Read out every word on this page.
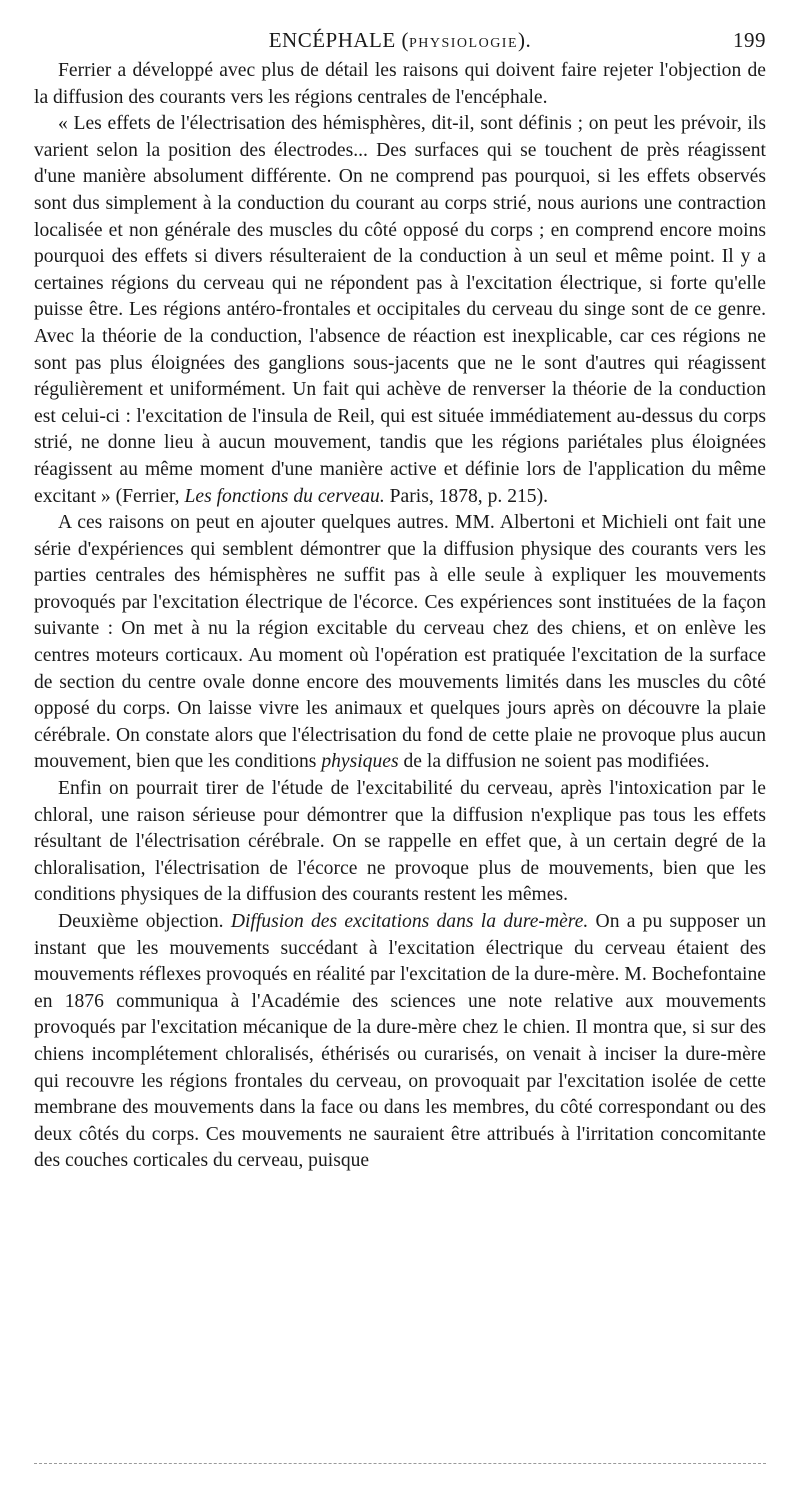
ENCÉPHALE (PHYSIOLOGIE).	199

Ferrier a développé avec plus de détail les raisons qui doivent faire rejeter l'objection de la diffusion des courants vers les régions centrales de l'encéphale.

« Les effets de l'électrisation des hémisphères, dit-il, sont définis ; on peut les prévoir, ils varient selon la position des électrodes... Des surfaces qui se touchent de près réagissent d'une manière absolument différente. On ne comprend pas pourquoi, si les effets observés sont dus simplement à la conduction du courant au corps strié, nous aurions une contraction localisée et non générale des muscles du côté opposé du corps ; en comprend encore moins pourquoi des effets si divers résulteraient de la conduction à un seul et même point. Il y a certaines régions du cerveau qui ne répondent pas à l'excitation électrique, si forte qu'elle puisse être. Les régions antéro-frontales et occipitales du cerveau du singe sont de ce genre. Avec la théorie de la conduction, l'absence de réaction est inexplicable, car ces régions ne sont pas plus éloignées des ganglions sous-jacents que ne le sont d'autres qui réagissent régulièrement et uniformément. Un fait qui achève de renverser la théorie de la conduction est celui-ci : l'excitation de l'insula de Reil, qui est située immédiatement au-dessus du corps strié, ne donne lieu à aucun mouvement, tandis que les régions pariétales plus éloignées réagissent au même moment d'une manière active et définie lors de l'application du même excitant » (Ferrier, Les fonctions du cerveau. Paris, 1878, p. 215).

A ces raisons on peut en ajouter quelques autres. MM. Albertoni et Michieli ont fait une série d'expériences qui semblent démontrer que la diffusion physique des courants vers les parties centrales des hémisphères ne suffit pas à elle seule à expliquer les mouvements provoqués par l'excitation électrique de l'écorce. Ces expériences sont instituées de la façon suivante : On met à nu la région excitable du cerveau chez des chiens, et on enlève les centres moteurs corticaux. Au moment où l'opération est pratiquée l'excitation de la surface de section du centre ovale donne encore des mouvements limités dans les muscles du côté opposé du corps. On laisse vivre les animaux et quelques jours après on découvre la plaie cérébrale. On constate alors que l'électrisation du fond de cette plaie ne provoque plus aucun mouvement, bien que les conditions physiques de la diffusion ne soient pas modifiées.

Enfin on pourrait tirer de l'étude de l'excitabilité du cerveau, après l'intoxication par le chloral, une raison sérieuse pour démontrer que la diffusion n'explique pas tous les effets résultant de l'électrisation cérébrale. On se rappelle en effet que, à un certain degré de la chloralisation, l'électrisation de l'écorce ne provoque plus de mouvements, bien que les conditions physiques de la diffusion des courants restent les mêmes.

Deuxième objection. Diffusion des excitations dans la dure-mère. On a pu supposer un instant que les mouvements succédant à l'excitation électrique du cerveau étaient des mouvements réflexes provoqués en réalité par l'excitation de la dure-mère. M. Bochefontaine en 1876 communiqua à l'Académie des sciences une note relative aux mouvements provoqués par l'excitation mécanique de la dure-mère chez le chien. Il montra que, si sur des chiens incomplétement chloralisés, éthérisés ou curarisés, on venait à inciser la dure-mère qui recouvre les régions frontales du cerveau, on provoquait par l'excitation isolée de cette membrane des mouvements dans la face ou dans les membres, du côté correspondant ou des deux côtés du corps. Ces mouvements ne sauraient être attribués à l'irritation concomitante des couches corticales du cerveau, puisque
